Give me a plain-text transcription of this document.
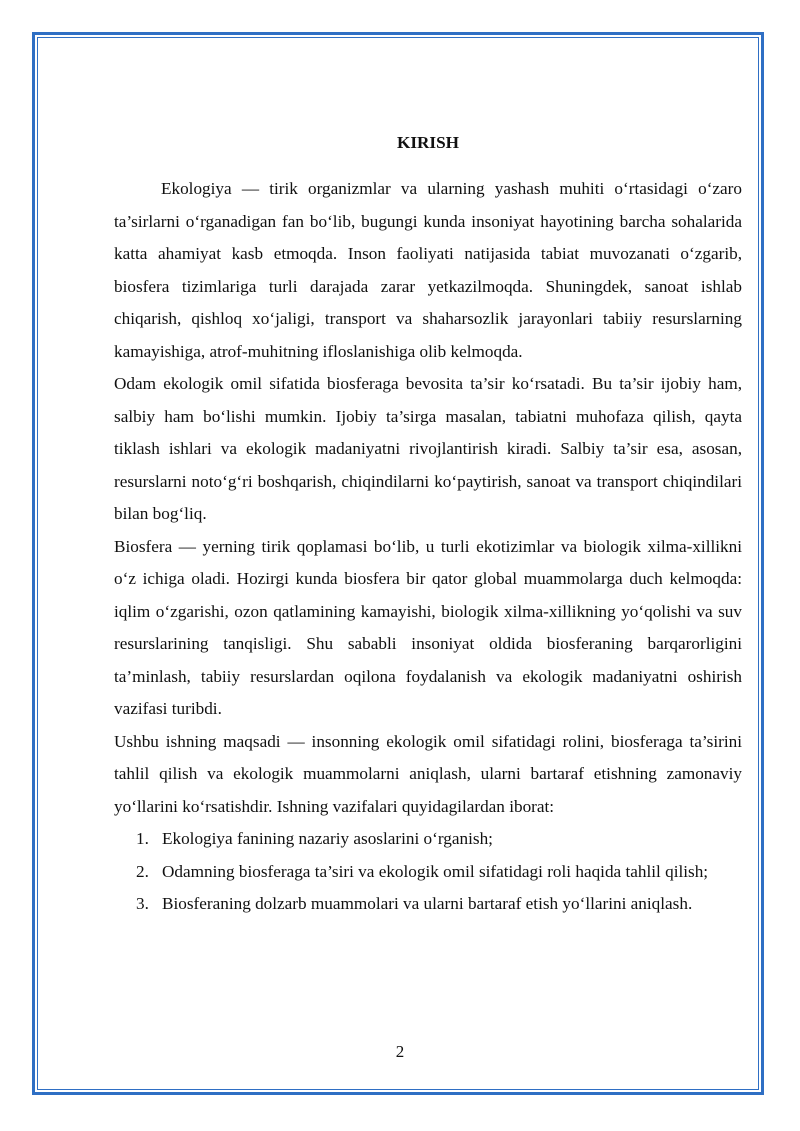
KIRISH

Ekologiya — tirik organizmlar va ularning yashash muhiti o‘rtasidagi o‘zaro ta’sirlarni o‘rganadigan fan bo‘lib, bugungi kunda insoniyat hayotining barcha sohalarida katta ahamiyat kasb etmoqda. Inson faoliyati natijasida tabiat muvozanati o‘zgarib, biosfera tizimlariga turli darajada zarar yetkazilmoqda. Shuningdek, sanoat ishlab chiqarish, qishloq xo‘jaligi, transport va shaharsozlik jarayonlari tabiiy resurslarning kamayishiga, atrof-muhitning ifloslanishiga olib kelmoqda.

Odam ekologik omil sifatida biosferaga bevosita ta’sir ko‘rsatadi. Bu ta’sir ijobiy ham, salbiy ham bo‘lishi mumkin. Ijobiy ta’sirga masalan, tabiatni muhofaza qilish, qayta tiklash ishlari va ekologik madaniyatni rivojlantirish kiradi. Salbiy ta’sir esa, asosan, resurslarni noto‘g‘ri boshqarish, chiqindilarni ko‘paytirish, sanoat va transport chiqindilari bilan bog‘liq.

Biosfera — yerning tirik qoplamasi bo‘lib, u turli ekotizimlar va biologik xilma-xillikni o‘z ichiga oladi. Hozirgi kunda biosfera bir qator global muammolarga duch kelmoqda: iqlim o‘zgarishi, ozon qatlamining kamayishi, biologik xilma-xillikning yo‘qolishi va suv resurslarining tanqisligi. Shu sababli insoniyat oldida biosferaning barqarorligini ta’minlash, tabiiy resurslardan oqilona foydalanish va ekologik madaniyatni oshirish vazifasi turibdi.

Ushbu ishning maqsadi — insonning ekologik omil sifatidagi rolini, biosferaga ta’sirini tahlil qilish va ekologik muammolarni aniqlash, ularni bartaraf etishning zamonaviy yo‘llarini ko‘rsatishdir. Ishning vazifalari quyidagilardan iborat:

1. Ekologiya fanining nazariy asoslarini o‘rganish;
2. Odamning biosferaga ta’siri va ekologik omil sifatidagi roli haqida tahlil qilish;
3. Biosferaning dolzarb muammolari va ularni bartaraf etish yo‘llarini aniqlash.
2
